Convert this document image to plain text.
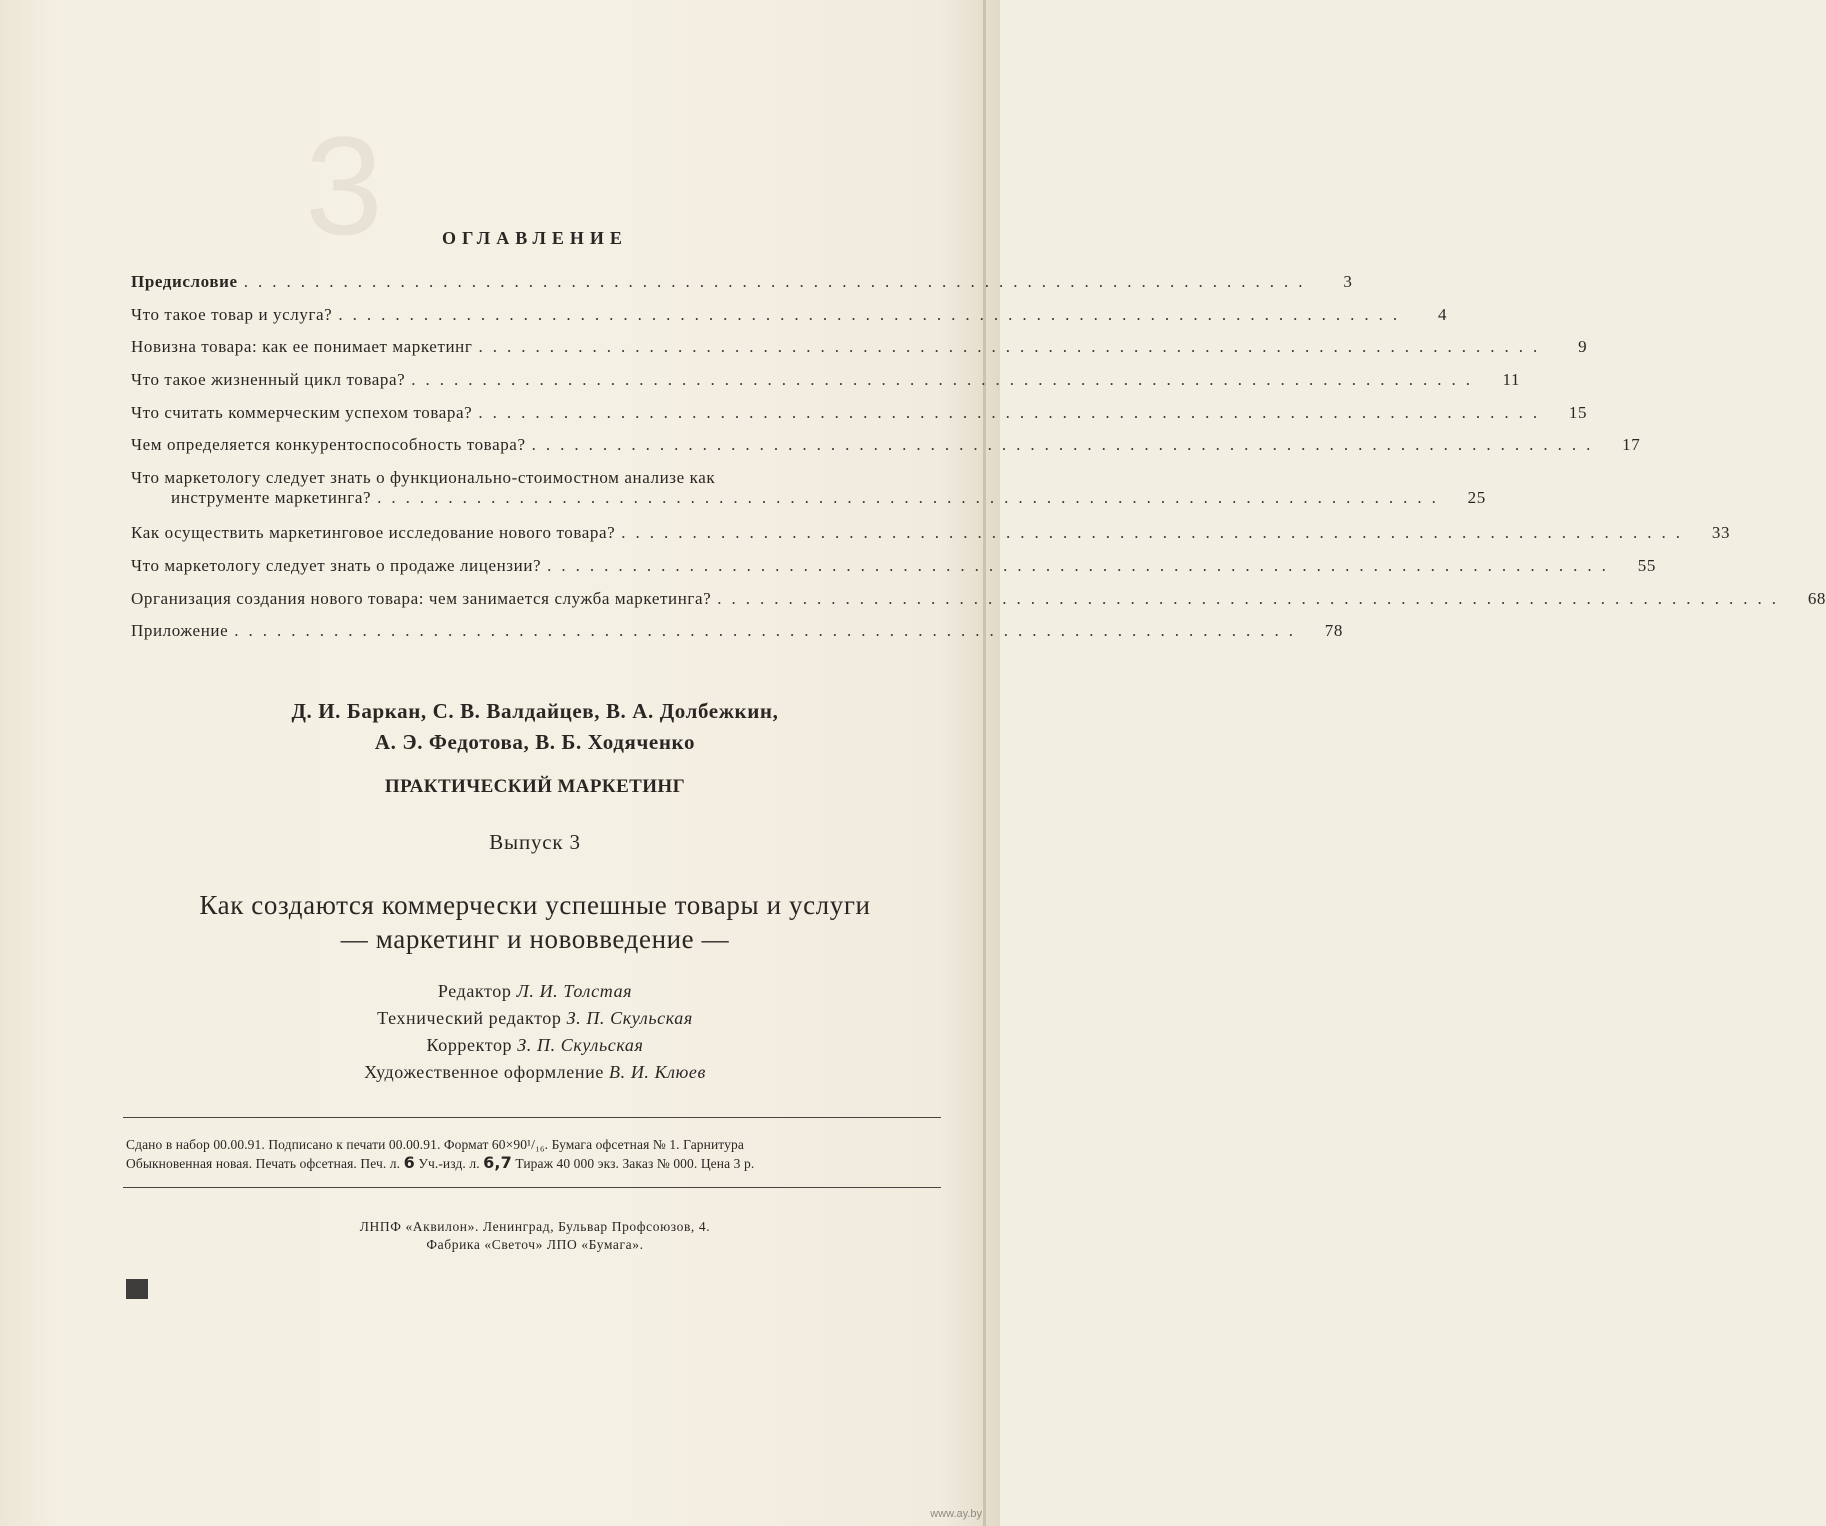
3	ОГЛАВЛЕНИЕ
Предисловие ...........................................................................	3
Что такое товар и услуга? ...........................................................................	4
Новизна товара: как ее понимает маркетинг ...........................................................................	9
Что такое жизненный цикл товара? ...........................................................................	11
Что считать коммерческим успехом товара? ...........................................................................	15
Чем определяется конкурентоспособность товара? ...........................................................................	17
Что маркетологу следует знать о функционально-стоимостном анализе как
инструменте маркетинга? ...........................................................................	25
Как осуществить маркетинговое исследование нового товара? ...........................................................................	33
Что маркетологу следует знать о продаже лицензии? ...........................................................................	55
Организация создания нового товара: чем занимается служба маркетинга? ...........................................................................	68
Приложение ...........................................................................	78
Д. И. Баркан, С. В. Валдайцев, В. А. Долбежкин,
А. Э. Федотова, В. Б. Ходяченко
ПРАКТИЧЕСКИЙ МАРКЕТИНГ
Выпуск 3
Как создаются коммерчески успешные товары и услуги
— маркетинг и нововведение —
Редактор Л. И. Толстая
Технический редактор З. П. Скульская
Корректор З. П. Скульская
Художественное оформление В. И. Клюев
Сдано в набор 00.00.91. Подписано к печати 00.00.91. Формат 60×90¹/₁₆. Бумага офсетная № 1. Гарнитура
Обыкновенная новая. Печать офсетная. Печ. л. 6 Уч.-изд. л. 6,7 Тираж 40 000 экз. Заказ № 000. Цена 3 р.
ЛНПФ «Аквилон». Ленинград, Бульвар Профсоюзов, 4.
Фабрика «Светоч» ЛПО «Бумага».
www.ay.by
